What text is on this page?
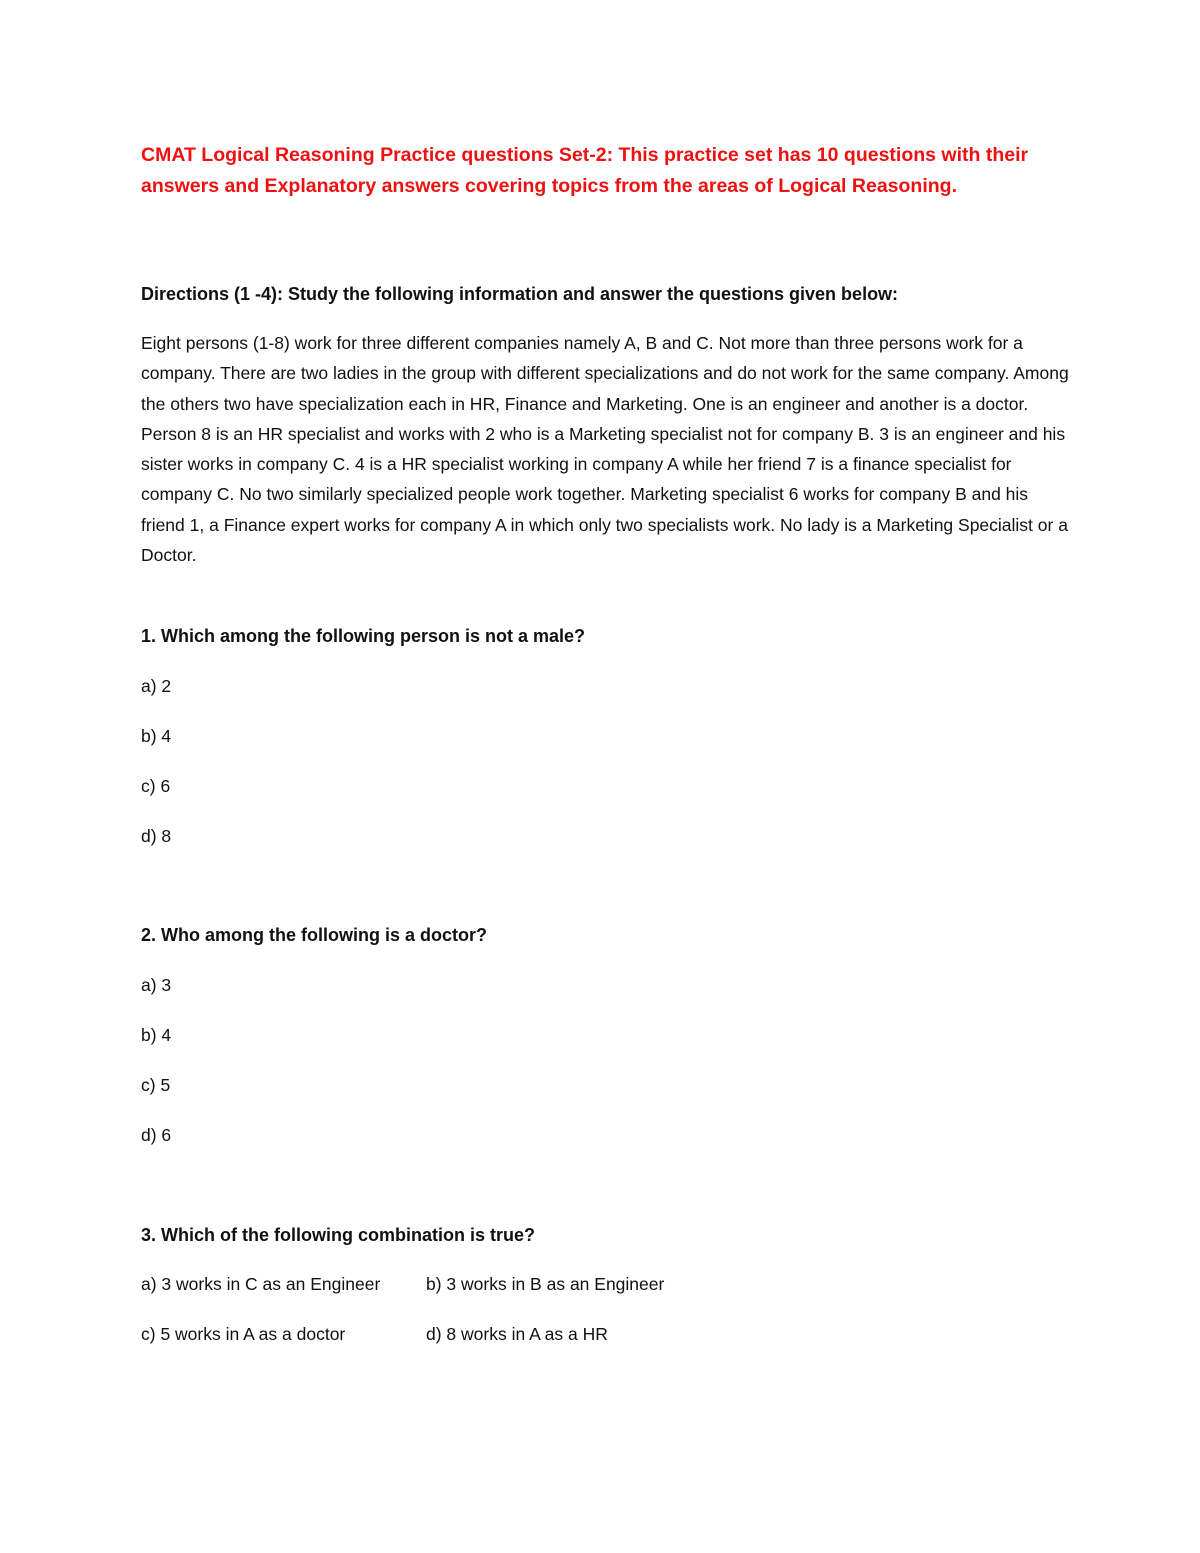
CMAT Logical Reasoning Practice questions Set-2: This practice set has 10 questions with their answers and Explanatory answers covering topics from the areas of Logical Reasoning.

Directions (1 -4): Study the following information and answer the questions given below:

Eight persons (1-8) work for three different companies namely A, B and C. Not more than three persons work for a company. There are two ladies in the group with different specializations and do not work for the same company. Among the others two have specialization each in HR, Finance and Marketing. One is an engineer and another is a doctor. Person 8 is an HR specialist and works with 2 who is a Marketing specialist not for company B. 3 is an engineer and his sister works in company C. 4 is a HR specialist working in company A while her friend 7 is a finance specialist for company C. No two similarly specialized people work together. Marketing specialist 6 works for company B and his friend 1, a Finance expert works for company A in which only two specialists work. No lady is a Marketing Specialist or a Doctor.

1. Which among the following person is not a male?

a) 2

b) 4

c) 6

d) 8

2. Who among the following is a doctor?

a) 3

b) 4

c) 5

d) 6

3. Which of the following combination is true?

a) 3 works in C as an Engineer	b) 3 works in B as an Engineer

c) 5 works in A as a doctor	d) 8 works in A as a HR
